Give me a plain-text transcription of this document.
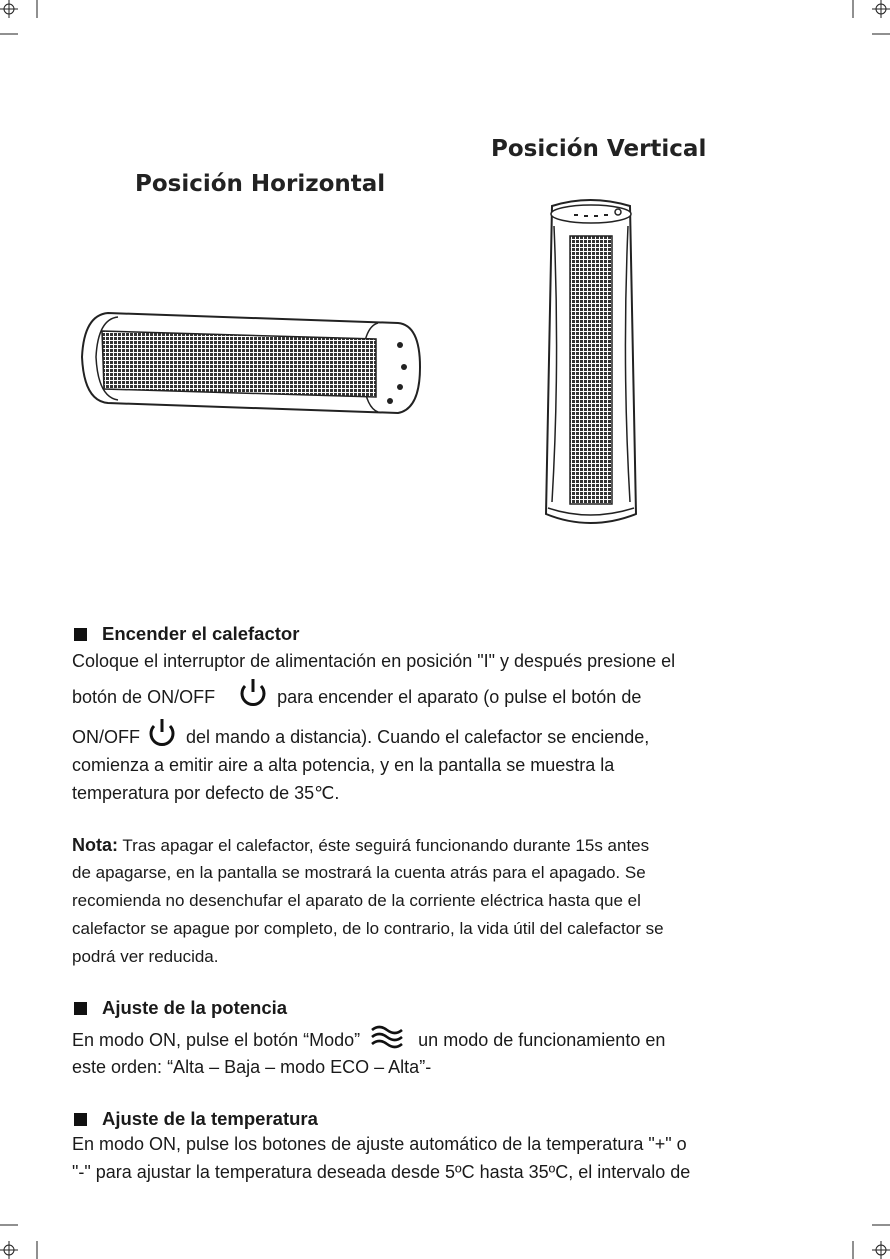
Posición Vertical
Posición Horizontal
Encender el calefactor
Coloque el interruptor de alimentación en posición "I" y después presione el
botón de ON/OFF	para encender el aparato (o pulse el botón de
ON/OFF  del mando a distancia). Cuando el calefactor se enciende,
comienza a emitir aire a alta potencia, y en la pantalla se muestra la
temperatura por defecto de 35℃.
Nota: Tras apagar el calefactor, éste seguirá funcionando durante 15s antes
de apagarse, en la pantalla se mostrará la cuenta atrás para el apagado. Se
recomienda no desenchufar el aparato de la corriente eléctrica hasta que el
calefactor se apague por completo, de lo contrario, la vida útil del calefactor se
podrá ver reducida.
Ajuste de la potencia
En modo ON, pulse el botón “Modo”	un modo de funcionamiento en
este orden: “Alta – Baja – modo ECO – Alta”-
Ajuste de la temperatura
En modo ON, pulse los botones de ajuste automático de la temperatura "+" o
"-" para ajustar la temperatura deseada desde 5ºC hasta 35ºC, el intervalo de
